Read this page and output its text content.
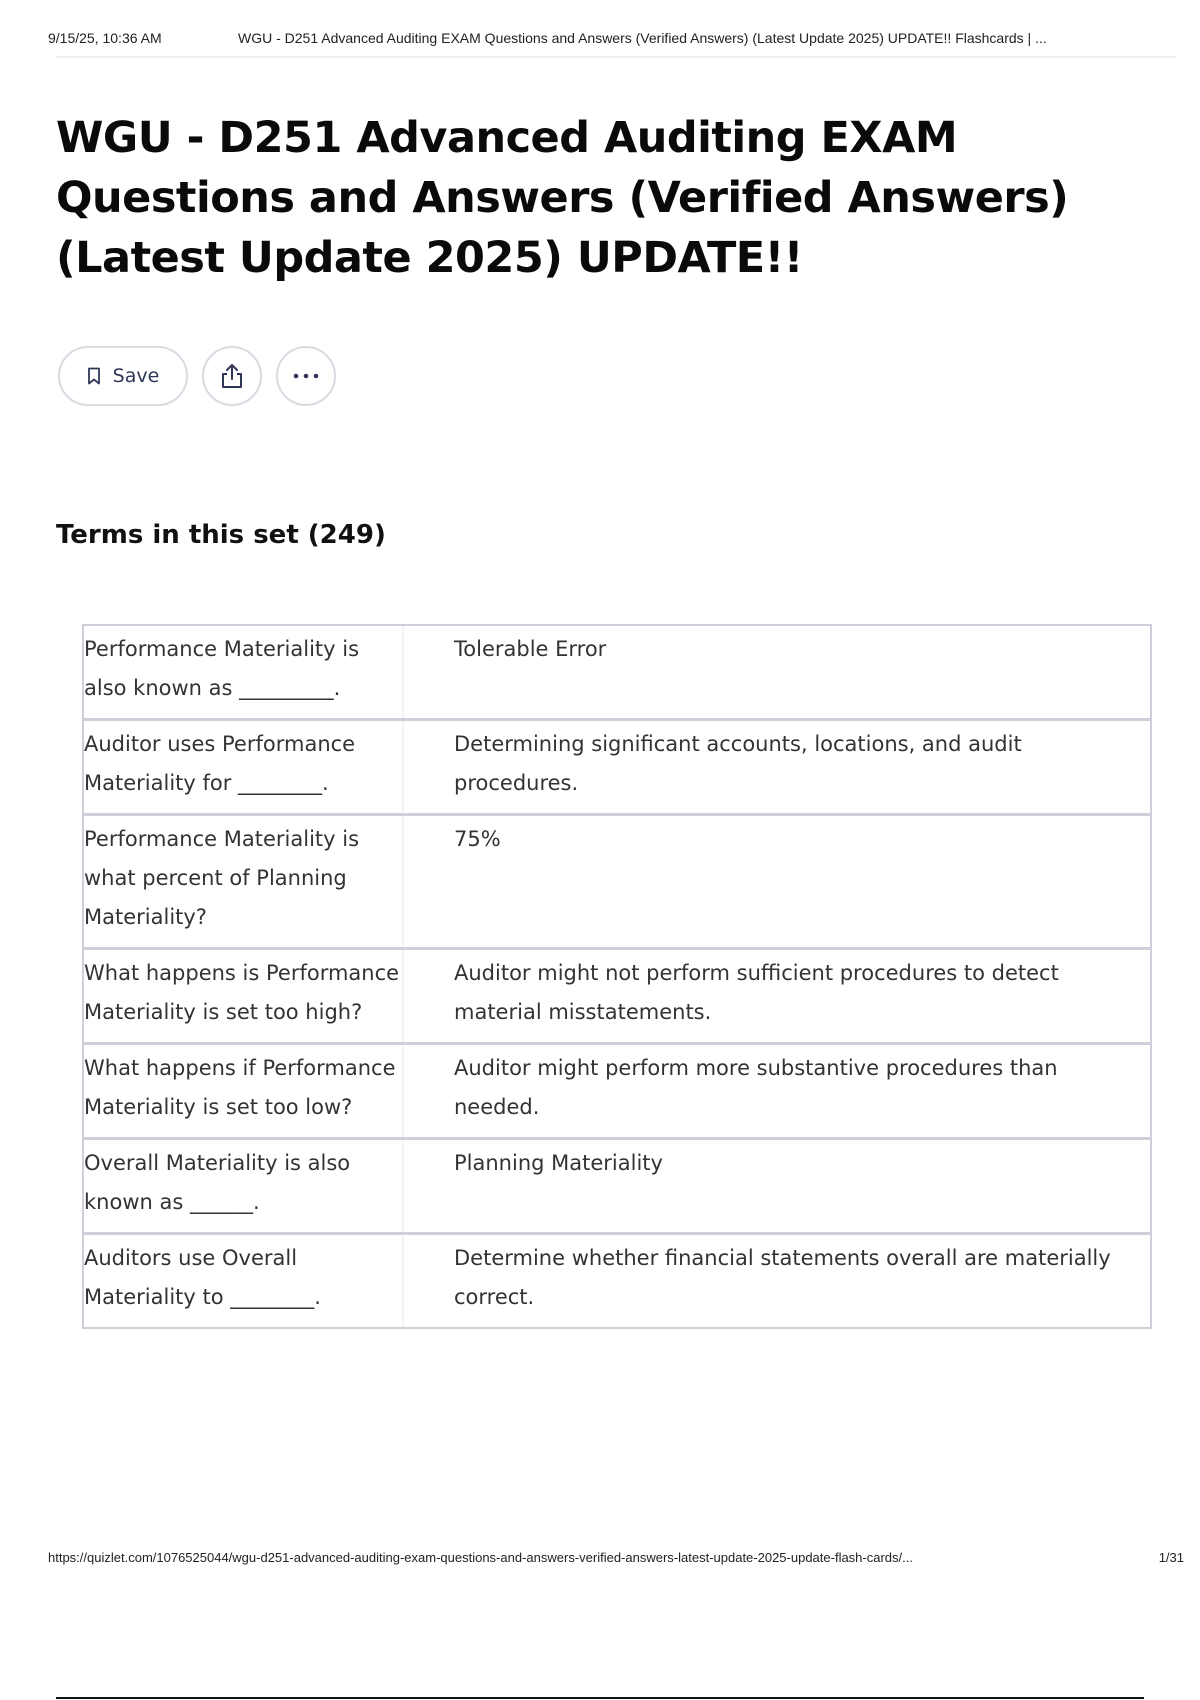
9/15/25, 10:36 AM	WGU - D251 Advanced Auditing EXAM Questions and Answers (Verified Answers) (Latest Update 2025) UPDATE!! Flashcards | ...
WGU - D251 Advanced Auditing EXAM Questions and Answers (Verified Answers) (Latest Update 2025) UPDATE!!
Save
Terms in this set (249)
Performance Materiality is also known as _________.
Tolerable Error
Auditor uses Performance Materiality for ________.
Determining significant accounts, locations, and audit procedures.
Performance Materiality is what percent of Planning Materiality?
75%
What happens is Performance Materiality is set too high?
Auditor might not perform sufficient procedures to detect material misstatements.
What happens if Performance Materiality is set too low?
Auditor might perform more substantive procedures than needed.
Overall Materiality is also known as ______.
Planning Materiality
Auditors use Overall Materiality to ________.
Determine whether financial statements overall are materially correct.
https://quizlet.com/1076525044/wgu-d251-advanced-auditing-exam-questions-and-answers-verified-answers-latest-update-2025-update-flash-cards/...	1/31
